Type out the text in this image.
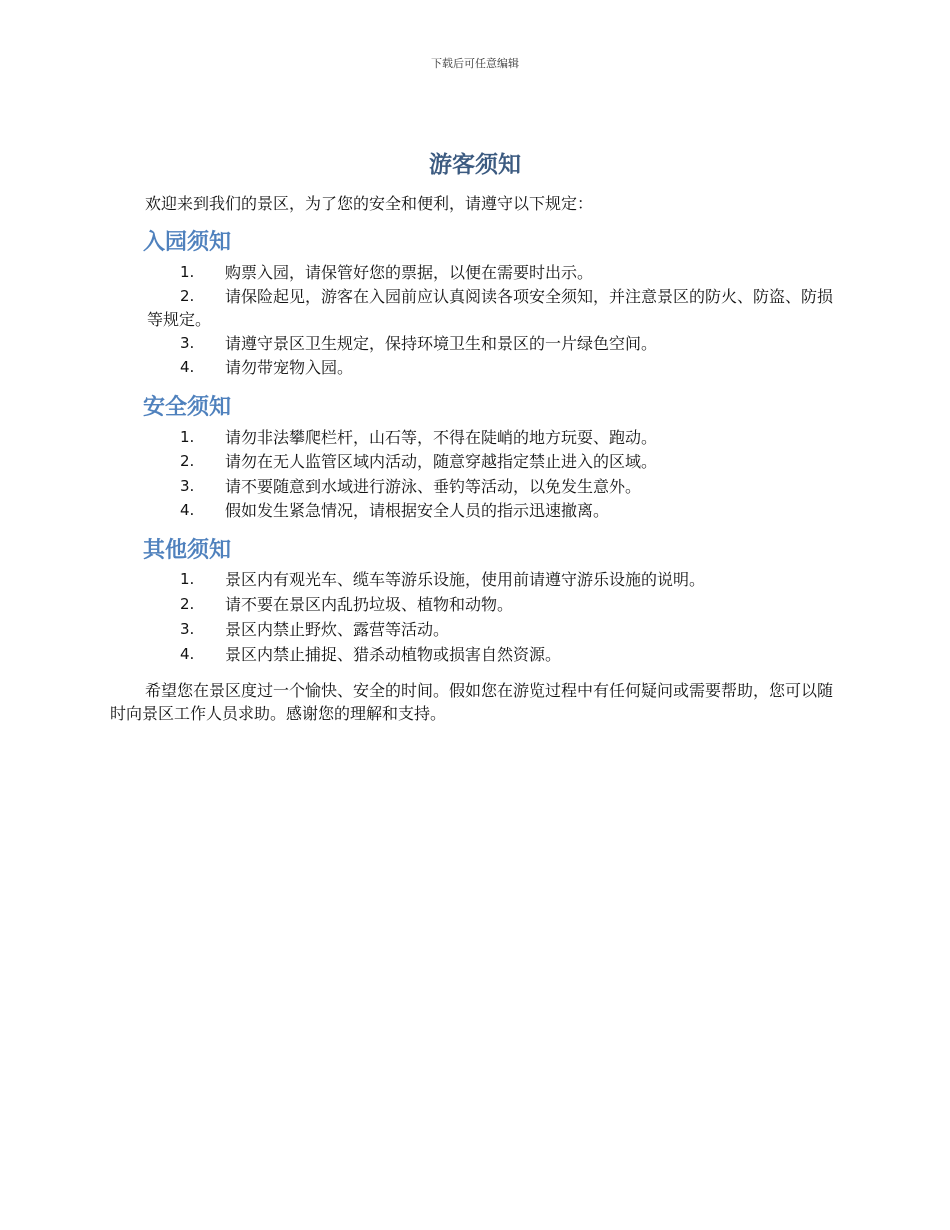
下载后可任意编辑
游客须知

欢迎来到我们的景区，为了您的安全和便利，请遵守以下规定：

入园须知
1.	购票入园，请保管好您的票据，以便在需要时出示。
2.	请保险起见，游客在入园前应认真阅读各项安全须知，并注意景区的防火、防盗、防损等规定。
3.	请遵守景区卫生规定，保持环境卫生和景区的一片绿色空间。
4.	请勿带宠物入园。
安全须知
1.	请勿非法攀爬栏杆，山石等，不得在陡峭的地方玩耍、跑动。
2.	请勿在无人监管区域内活动，随意穿越指定禁止进入的区域。
3.	请不要随意到水域进行游泳、垂钓等活动，以免发生意外。
4.	假如发生紧急情况，请根据安全人员的指示迅速撤离。
其他须知
1.	景区内有观光车、缆车等游乐设施，使用前请遵守游乐设施的说明。
2.	请不要在景区内乱扔垃圾、植物和动物。
3.	景区内禁止野炊、露营等活动。
4.	景区内禁止捕捉、猎杀动植物或损害自然资源。

希望您在景区度过一个愉快、安全的时间。假如您在游览过程中有任何疑问或需要帮助，您可以随时向景区工作人员求助。感谢您的理解和支持。
